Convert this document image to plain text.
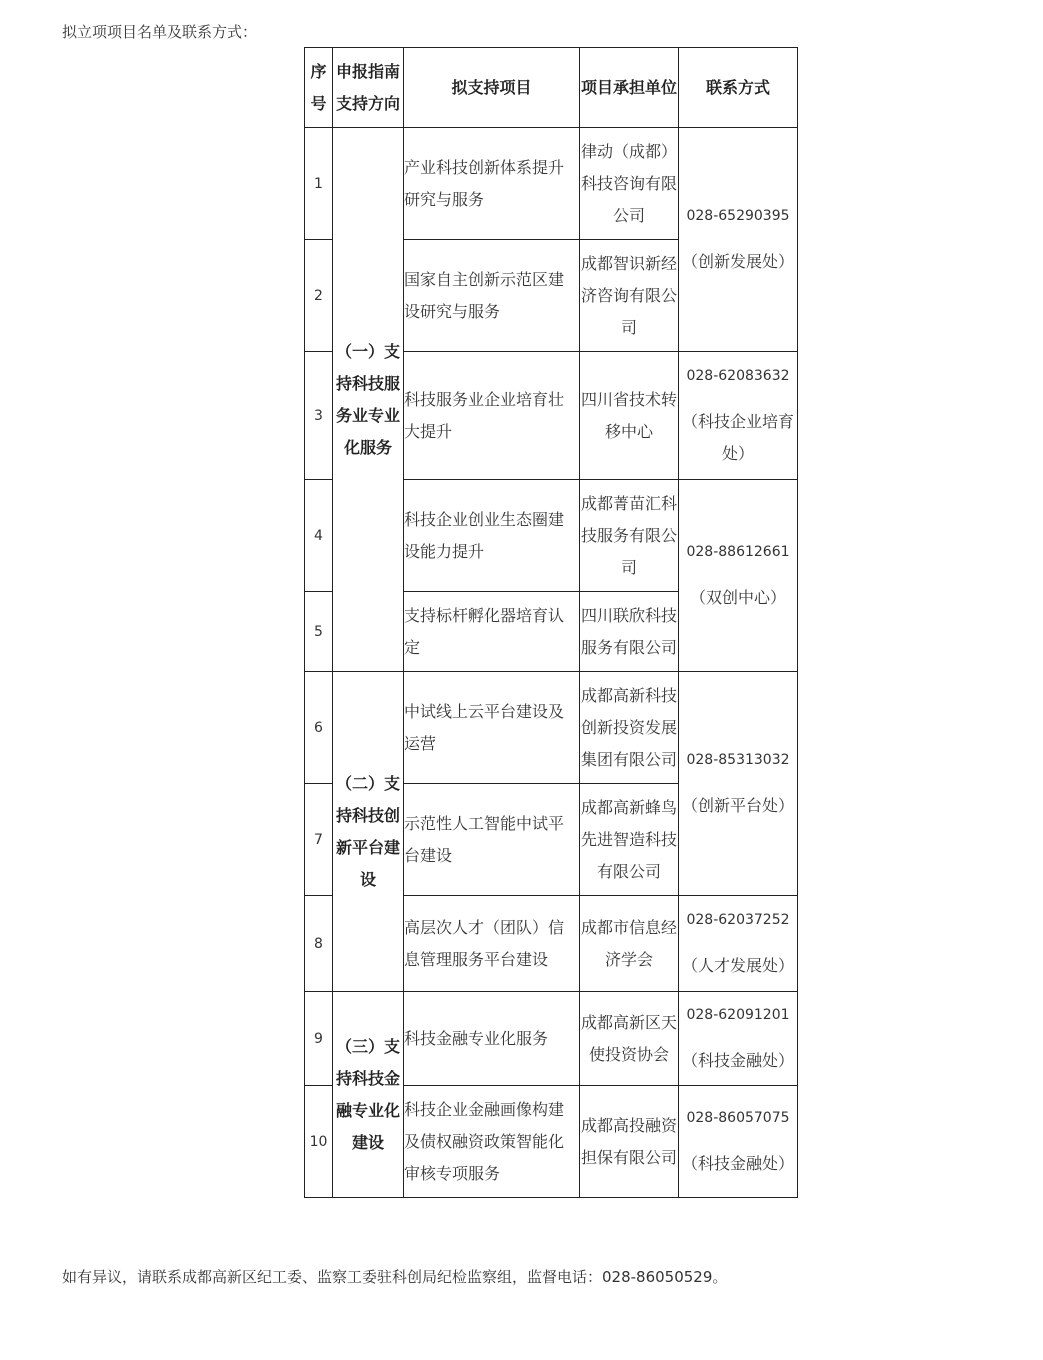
拟立项项目名单及联系方式：
序号	申报指南支持方向	拟支持项目	项目承担单位	联系方式
1	（一）支持科技服务业专业化服务	产业科技创新体系提升研究与服务	律动（成都）科技咨询有限公司	028-65290395
（创新发展处）

2		国家自主创新示范区建设研究与服务	成都智识新经济咨询有限公司	
3		科技服务业企业培育壮大提升	四川省技术转移中心	028-62083632
（科技企业培育处）

4		科技企业创业生态圈建设能力提升	成都菁苗汇科技服务有限公司	028-88612661
（双创中心）

5		支持标杆孵化器培育认定	四川联欣科技服务有限公司	
6	（二）支持科技创新平台建设	中试线上云平台建设及运营	成都高新科技创新投资发展集团有限公司	028-85313032
（创新平台处）

7		示范性人工智能中试平台建设	成都高新蜂鸟先进智造科技有限公司	
8		高层次人才（团队）信息管理服务平台建设	成都市信息经济学会	028-62037252
（人才发展处）

9	（三）支持科技金融专业化建设	科技金融专业化服务	成都高新区天使投资协会	028-62091201
（科技金融处）

10		科技企业金融画像构建及债权融资政策智能化审核专项服务	成都高投融资担保有限公司	028-86057075
（科技金融处）
如有异议，请联系成都高新区纪工委、监察工委驻科创局纪检监察组，监督电话：028-86050529。
